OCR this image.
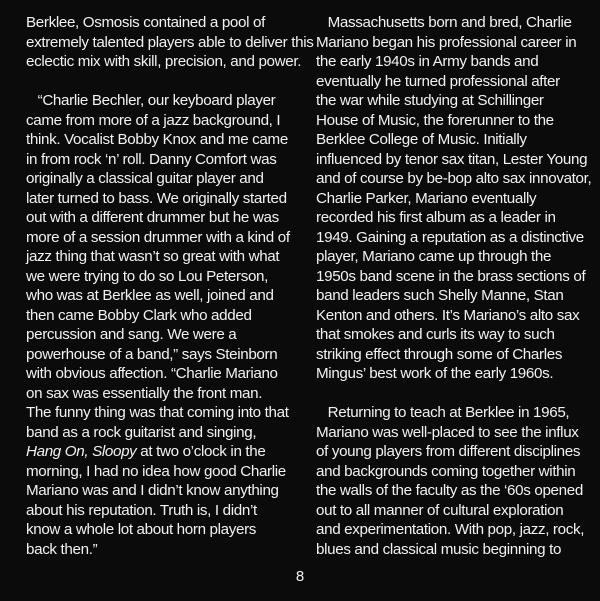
Berklee, Osmosis contained a pool of
extremely talented players able to deliver this
eclectic mix with skill, precision, and power.
“Charlie Bechler, our keyboard player
came from more of a jazz background, I
think. Vocalist Bobby Knox and me came
in from rock ‘n’ roll. Danny Comfort was
originally a classical guitar player and
later turned to bass. We originally started
out with a different drummer but he was
more of a session drummer with a kind of
jazz thing that wasn’t so great with what
we were trying to do so Lou Peterson,
who was at Berklee as well, joined and
then came Bobby Clark who added
percussion and sang. We were a
powerhouse of a band,” says Steinborn
with obvious affection. “Charlie Mariano
on sax was essentially the front man.
The funny thing was that coming into that
band as a rock guitarist and singing,
Hang On, Sloopy at two o’clock in the
morning, I had no idea how good Charlie
Mariano was and I didn’t know anything
about his reputation. Truth is, I didn’t
know a whole lot about horn players
back then.”
Massachusetts born and bred, Charlie
Mariano began his professional career in
the early 1940s in Army bands and
eventually he turned professional after
the war while studying at Schillinger
House of Music, the forerunner to the
Berklee College of Music. Initially
influenced by tenor sax titan, Lester Young
and of course by be-bop alto sax innovator,
Charlie Parker, Mariano eventually
recorded his first album as a leader in
1949. Gaining a reputation as a distinctive
player, Mariano came up through the
1950s band scene in the brass sections of
band leaders such Shelly Manne, Stan
Kenton and others. It’s Mariano’s alto sax
that smokes and curls its way to such
striking effect through some of Charles
Mingus’ best work of the early 1960s.
Returning to teach at Berklee in 1965,
Mariano was well-placed to see the influx
of young players from different disciplines
and backgrounds coming together within
the walls of the faculty as the ‘60s opened
out to all manner of cultural exploration
and experimentation. With pop, jazz, rock,
blues and classical music beginning to
8
